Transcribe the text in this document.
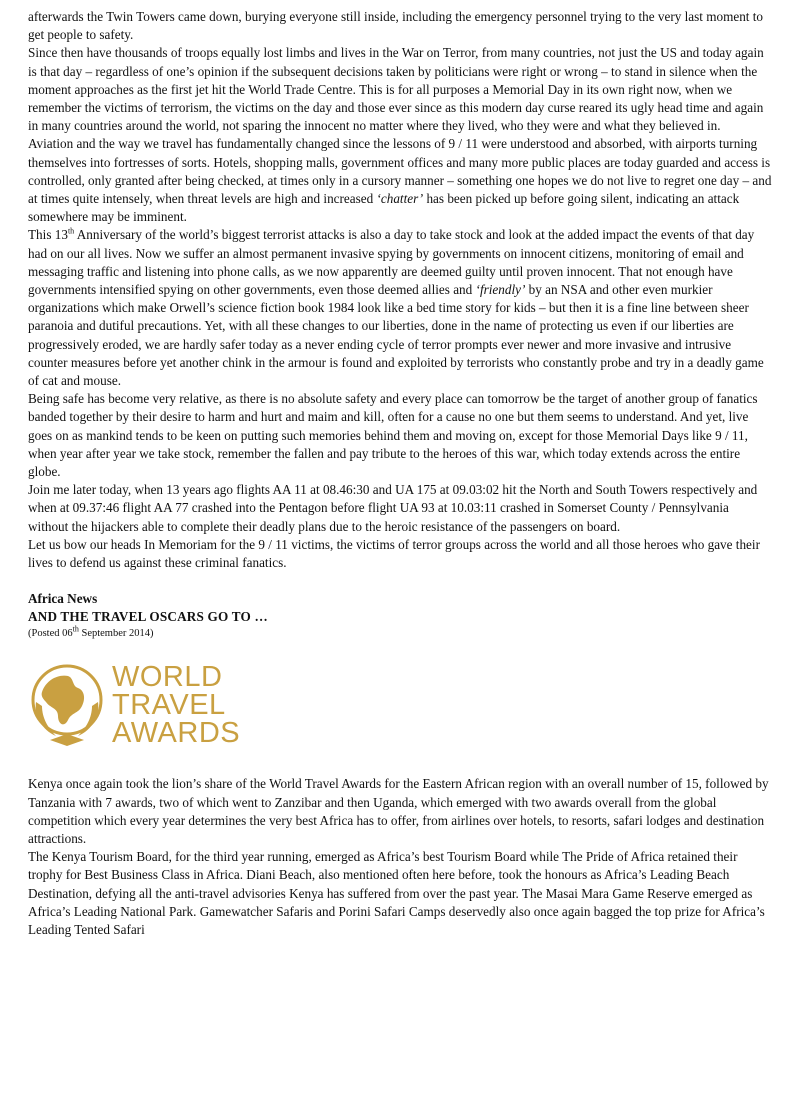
afterwards the Twin Towers came down, burying everyone still inside, including the emergency personnel trying to the very last moment to get people to safety.

Since then have thousands of troops equally lost limbs and lives in the War on Terror, from many countries, not just the US and today again is that day – regardless of one’s opinion if the subsequent decisions taken by politicians were right or wrong – to stand in silence when the moment approaches as the first jet hit the World Trade Centre. This is for all purposes a Memorial Day in its own right now, when we remember the victims of terrorism, the victims on the day and those ever since as this modern day curse reared its ugly head time and again in many countries around the world, not sparing the innocent no matter where they lived, who they were and what they believed in.

Aviation and the way we travel has fundamentally changed since the lessons of 9 / 11 were understood and absorbed, with airports turning themselves into fortresses of sorts. Hotels, shopping malls, government offices and many more public places are today guarded and access is controlled, only granted after being checked, at times only in a cursory manner – something one hopes we do not live to regret one day – and at times quite intensely, when threat levels are high and increased ‘chatter’ has been picked up before going silent, indicating an attack somewhere may be imminent.

This 13th Anniversary of the world’s biggest terrorist attacks is also a day to take stock and look at the added impact the events of that day had on our all lives. Now we suffer an almost permanent invasive spying by governments on innocent citizens, monitoring of email and messaging traffic and listening into phone calls, as we now apparently are deemed guilty until proven innocent. That not enough have governments intensified spying on other governments, even those deemed allies and ‘friendly’ by an NSA and other even murkier organizations which make Orwell’s science fiction book 1984 look like a bed time story for kids – but then it is a fine line between sheer paranoia and dutiful precautions. Yet, with all these changes to our liberties, done in the name of protecting us even if our liberties are progressively eroded, we are hardly safer today as a never ending cycle of terror prompts ever newer and more invasive and intrusive counter measures before yet another chink in the armour is found and exploited by terrorists who constantly probe and try in a deadly game of cat and mouse.

Being safe has become very relative, as there is no absolute safety and every place can tomorrow be the target of another group of fanatics banded together by their desire to harm and hurt and maim and kill, often for a cause no one but them seems to understand. And yet, live goes on as mankind tends to be keen on putting such memories behind them and moving on, except for those Memorial Days like 9 / 11, when year after year we take stock, remember the fallen and pay tribute to the heroes of this war, which today extends across the entire globe.

Join me later today, when 13 years ago flights AA 11 at 08.46:30 and UA 175 at 09.03:02 hit the North and South Towers respectively and when at 09.37:46 flight AA 77 crashed into the Pentagon before flight UA 93 at 10.03:11 crashed in Somerset County / Pennsylvania without the hijackers able to complete their deadly plans due to the heroic resistance of the passengers on board.

Let us bow our heads In Memoriam for the 9 / 11 victims, the victims of terror groups across the world and all those heroes who gave their lives to defend us against these criminal fanatics.

Africa News
AND THE TRAVEL OSCARS GO TO …
(Posted 06th September 2014)
WORLD
TRAVEL
AWARDS

Kenya once again took the lion’s share of the World Travel Awards for the Eastern African region with an overall number of 15, followed by Tanzania with 7 awards, two of which went to Zanzibar and then Uganda, which emerged with two awards overall from the global competition which every year determines the very best Africa has to offer, from airlines over hotels, to resorts, safari lodges and destination attractions.

The Kenya Tourism Board, for the third year running, emerged as Africa’s best Tourism Board while The Pride of Africa retained their trophy for Best Business Class in Africa. Diani Beach, also mentioned often here before, took the honours as Africa’s Leading Beach Destination, defying all the anti-travel advisories Kenya has suffered from over the past year. The Masai Mara Game Reserve emerged as Africa’s Leading National Park. Gamewatcher Safaris and Porini Safari Camps deservedly also once again bagged the top prize for Africa’s Leading Tented Safari
